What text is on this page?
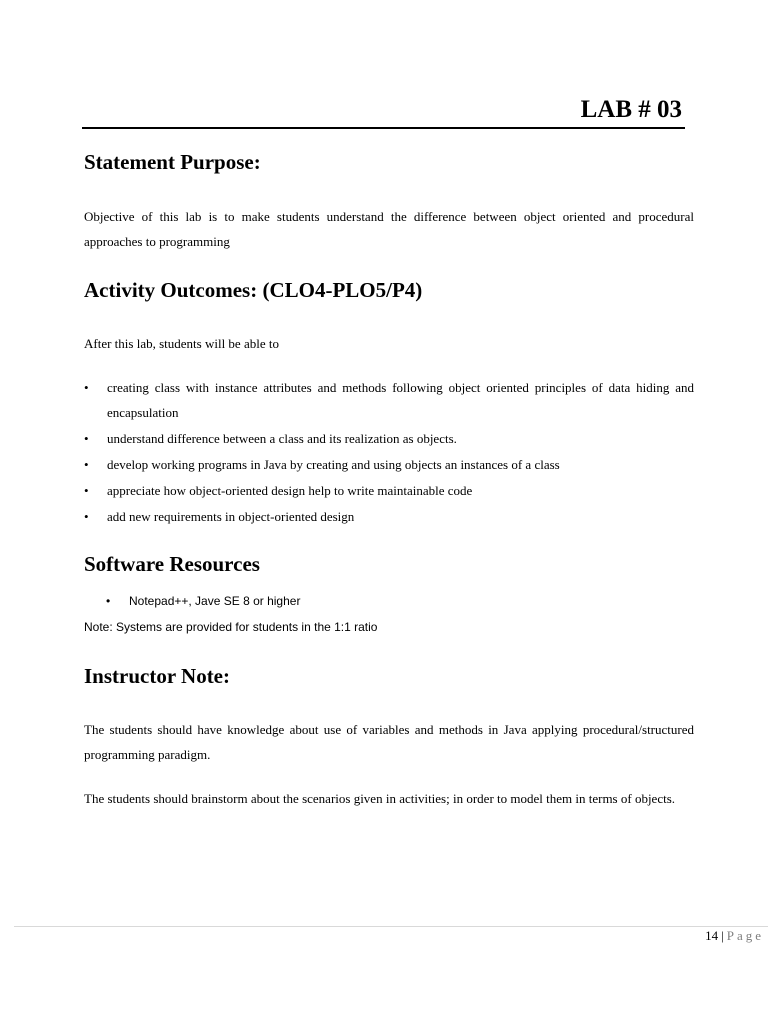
LAB # 03
Statement Purpose:

Objective of this lab is to make students understand the difference between object oriented and procedural approaches to programming

Activity Outcomes: (CLO4-PLO5/P4)

After this lab, students will be able to

• creating class with instance attributes and methods following object oriented principles of data hiding and encapsulation
• understand difference between a class and its realization as objects.
• develop working programs in Java by creating and using objects an instances of a class
• appreciate how object-oriented design help to write maintainable code
• add new requirements in object-oriented design
Software Resources
• Notepad++, Jave SE 8 or higher

Note: Systems are provided for students in the 1:1 ratio

Instructor Note:

The students should have knowledge about use of variables and methods in Java applying procedural/structured programming paradigm.

The students should brainstorm about the scenarios given in activities; in order to model them in terms of objects.

14 | Page
